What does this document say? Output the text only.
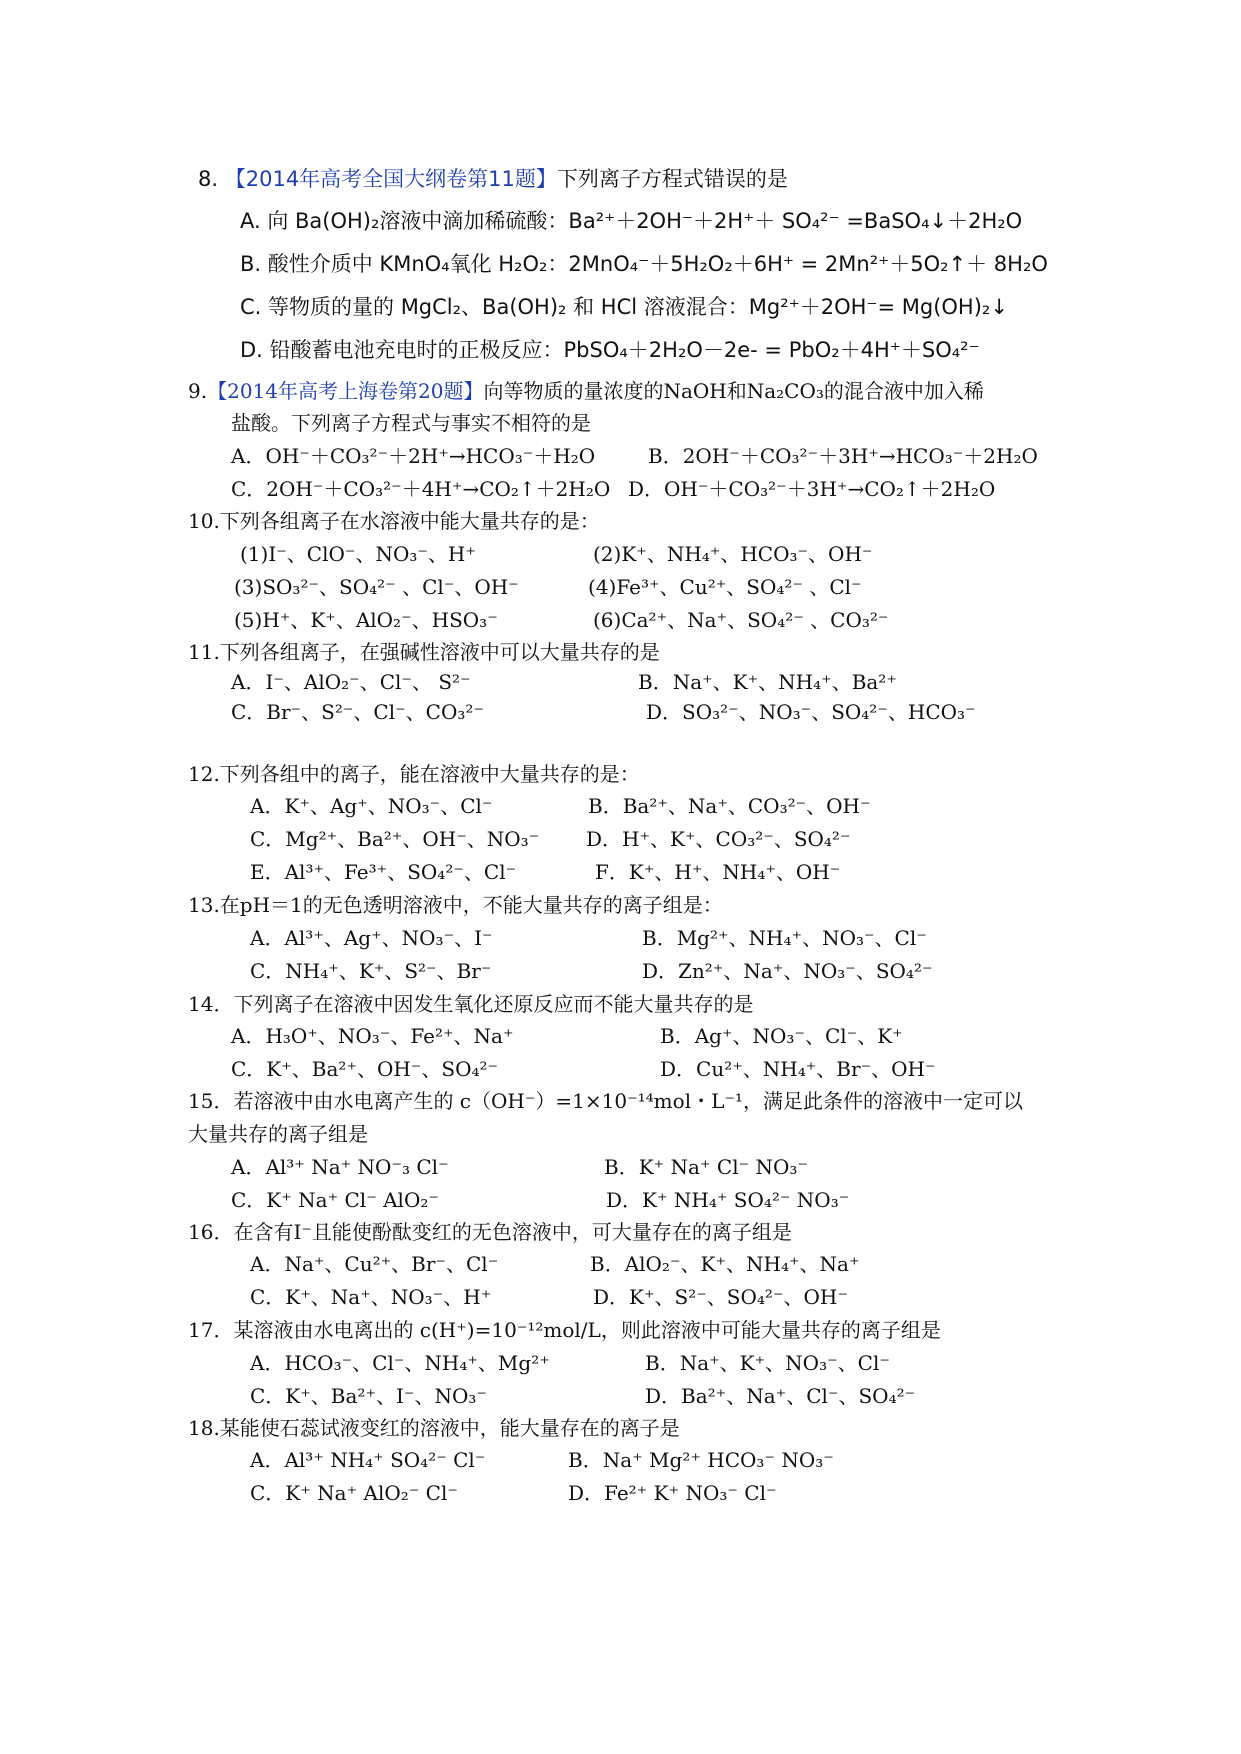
8. 【2014年高考全国大纲卷第11题】下列离子方程式错误的是
A. 向 Ba(OH)₂溶液中滴加稀硫酸：Ba²⁺＋2OH⁻＋2H⁺＋ SO₄²⁻ =BaSO₄↓＋2H₂O
B. 酸性介质中 KMnO₄氧化 H₂O₂：2MnO₄⁻＋5H₂O₂＋6H⁺ = 2Mn²⁺＋5O₂↑＋ 8H₂O
C. 等物质的量的 MgCl₂、Ba(OH)₂ 和 HCl 溶液混合：Mg²⁺＋2OH⁻= Mg(OH)₂↓
D. 铅酸蓄电池充电时的正极反应：PbSO₄＋2H₂O－2e- = PbO₂＋4H⁺＋SO₄²⁻
9.【2014年高考上海卷第20题】向等物质的量浓度的NaOH和Na₂CO₃的混合液中加入稀
盐酸。下列离子方程式与事实不相符的是
A．OH⁻＋CO₃²⁻＋2H⁺→HCO₃⁻＋H₂O	B．2OH⁻＋CO₃²⁻＋3H⁺→HCO₃⁻＋2H₂O
C．2OH⁻＋CO₃²⁻＋4H⁺→CO₂↑＋2H₂O D．OH⁻＋CO₃²⁻＋3H⁺→CO₂↑＋2H₂O
10.下列各组离子在水溶液中能大量共存的是：
(1)I⁻、ClO⁻、NO₃⁻、H⁺	(2)K⁺、NH₄⁺、HCO₃⁻、OH⁻
(3)SO₃²⁻、SO₄²⁻ 、Cl⁻、OH⁻	(4)Fe³⁺、Cu²⁺、SO₄²⁻ 、Cl⁻
(5)H⁺、K⁺、AlO₂⁻、HSO₃⁻	(6)Ca²⁺、Na⁺、SO₄²⁻ 、CO₃²⁻
11.下列各组离子，在强碱性溶液中可以大量共存的是
A．I⁻、AlO₂⁻、Cl⁻、 S²⁻	B．Na⁺、K⁺、NH₄⁺、Ba²⁺
C．Br⁻、S²⁻、Cl⁻、CO₃²⁻	D．SO₃²⁻、NO₃⁻、SO₄²⁻、HCO₃⁻
12.下列各组中的离子，能在溶液中大量共存的是：
A．K⁺、Ag⁺、NO₃⁻、Cl⁻	B．Ba²⁺、Na⁺、CO₃²⁻、OH⁻
C．Mg²⁺、Ba²⁺、OH⁻、NO₃⁻ D．H⁺、K⁺、CO₃²⁻、SO₄²⁻
E．Al³⁺、Fe³⁺、SO₄²⁻、Cl⁻	F．K⁺、H⁺、NH₄⁺、OH⁻
13.在pH＝1的无色透明溶液中，不能大量共存的离子组是：
A．Al³⁺、Ag⁺、NO₃⁻、I⁻	B．Mg²⁺、NH₄⁺、NO₃⁻、Cl⁻
C．NH₄⁺、K⁺、S²⁻、Br⁻	D．Zn²⁺、Na⁺、NO₃⁻、SO₄²⁻
14．下列离子在溶液中因发生氧化还原反应而不能大量共存的是
A．H₃O⁺、NO₃⁻、Fe²⁺、Na⁺	B．Ag⁺、NO₃⁻、Cl⁻、K⁺
C．K⁺、Ba²⁺、OH⁻、SO₄²⁻	D．Cu²⁺、NH₄⁺、Br⁻、OH⁻
15．若溶液中由水电离产生的 c（OH⁻）=1×10⁻¹⁴mol・L⁻¹，满足此条件的溶液中一定可以
大量共存的离子组是
A．Al³⁺ Na⁺ NO⁻₃ Cl⁻	B．K⁺ Na⁺ Cl⁻ NO₃⁻
C．K⁺ Na⁺ Cl⁻ AlO₂⁻	D．K⁺ NH₄⁺ SO₄²⁻ NO₃⁻
16．在含有I⁻且能使酚酞变红的无色溶液中，可大量存在的离子组是
A．Na⁺、Cu²⁺、Br⁻、Cl⁻	B．AlO₂⁻、K⁺、NH₄⁺、Na⁺
C．K⁺、Na⁺、NO₃⁻、H⁺	D．K⁺、S²⁻、SO₄²⁻、OH⁻
17．某溶液由水电离出的 c(H⁺)=10⁻¹²mol/L，则此溶液中可能大量共存的离子组是
A．HCO₃⁻、Cl⁻、NH₄⁺、Mg²⁺	B．Na⁺、K⁺、NO₃⁻、Cl⁻
C．K⁺、Ba²⁺、I⁻、NO₃⁻	D．Ba²⁺、Na⁺、Cl⁻、SO₄²⁻
18.某能使石蕊试液变红的溶液中，能大量存在的离子是
A．Al³⁺ NH₄⁺ SO₄²⁻ Cl⁻	B．Na⁺ Mg²⁺ HCO₃⁻ NO₃⁻
C．K⁺ Na⁺ AlO₂⁻ Cl⁻	D．Fe²⁺ K⁺ NO₃⁻ Cl⁻
